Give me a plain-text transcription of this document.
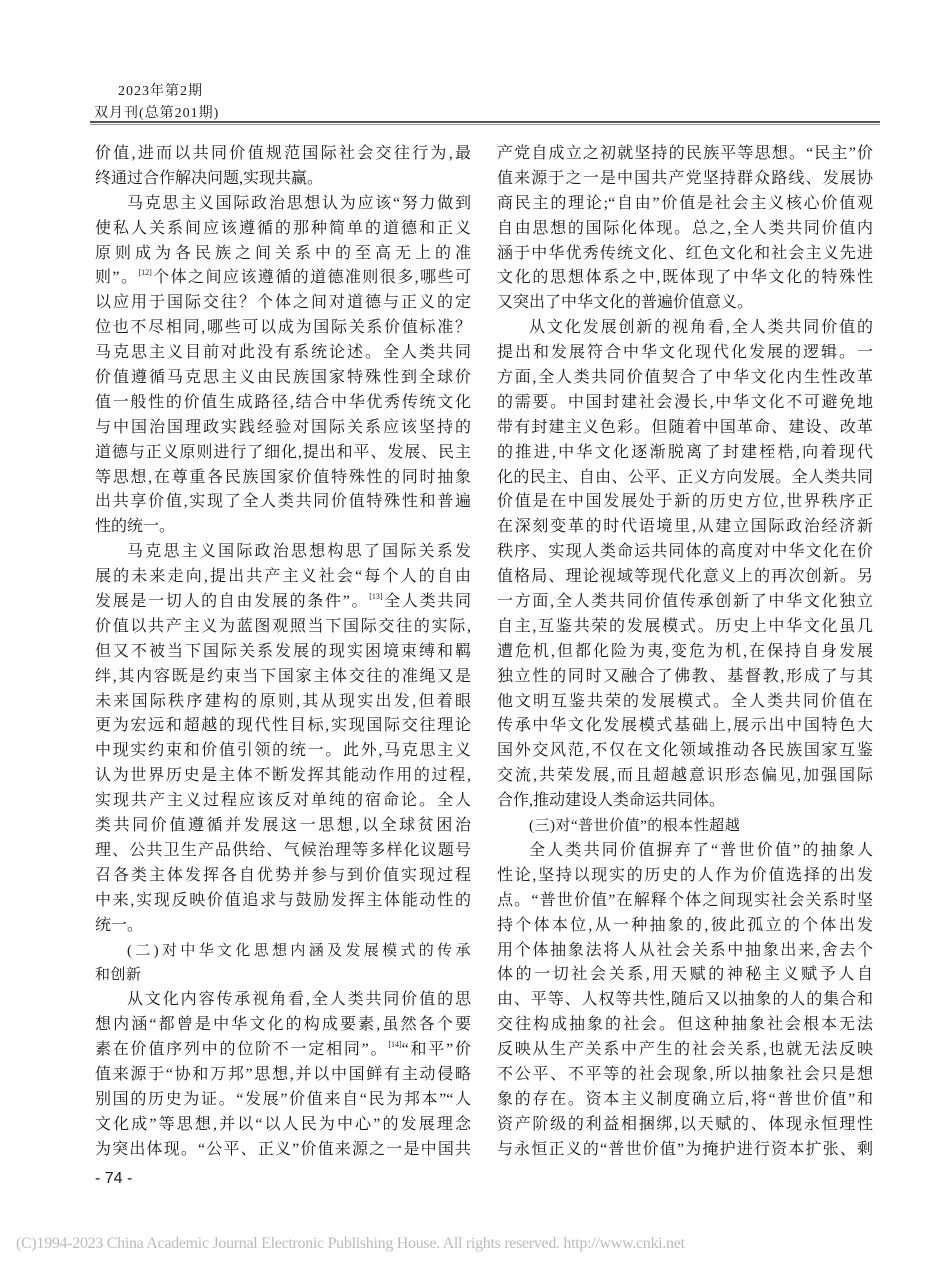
2023年第2期
双月刊(总第201期)
价值,进而以共同价值规范国际社会交往行为,最
终通过合作解决问题,实现共赢。
马克思主义国际政治思想认为应该“努力做到
使私人关系间应该遵循的那种简单的道德和正义
原则成为各民族之间关系中的至高无上的准
则”。[12]个体之间应该遵循的道德准则很多,哪些可
以应用于国际交往？个体之间对道德与正义的定
位也不尽相同,哪些可以成为国际关系价值标准？
马克思主义目前对此没有系统论述。全人类共同
价值遵循马克思主义由民族国家特殊性到全球价
值一般性的价值生成路径,结合中华优秀传统文化
与中国治国理政实践经验对国际关系应该坚持的
道德与正义原则进行了细化,提出和平、发展、民主
等思想,在尊重各民族国家价值特殊性的同时抽象
出共享价值,实现了全人类共同价值特殊性和普遍
性的统一。
马克思主义国际政治思想构思了国际关系发
展的未来走向,提出共产主义社会“每个人的自由
发展是一切人的自由发展的条件”。[13]全人类共同
价值以共产主义为蓝图观照当下国际交往的实际,
但又不被当下国际关系发展的现实困境束缚和羁
绊,其内容既是约束当下国家主体交往的准绳又是
未来国际秩序建构的原则,其从现实出发,但着眼
更为宏远和超越的现代性目标,实现国际交往理论
中现实约束和价值引领的统一。此外,马克思主义
认为世界历史是主体不断发挥其能动作用的过程,
实现共产主义过程应该反对单纯的宿命论。全人
类共同价值遵循并发展这一思想,以全球贫困治
理、公共卫生产品供给、气候治理等多样化议题号
召各类主体发挥各自优势并参与到价值实现过程
中来,实现反映价值追求与鼓励发挥主体能动性的
统一。
(二)对中华文化思想内涵及发展模式的传承
和创新
从文化内容传承视角看,全人类共同价值的思
想内涵“都曾是中华文化的构成要素,虽然各个要
素在价值序列中的位阶不一定相同”。[14]“和平”价
值来源于“协和万邦”思想,并以中国鲜有主动侵略
别国的历史为证。“发展”价值来自“民为邦本”“人
文化成”等思想,并以“以人民为中心”的发展理念
为突出体现。“公平、正义”价值来源之一是中国共
产党自成立之初就坚持的民族平等思想。“民主”价
值来源于之一是中国共产党坚持群众路线、发展协
商民主的理论;“自由”价值是社会主义核心价值观
自由思想的国际化体现。总之,全人类共同价值内
涵于中华优秀传统文化、红色文化和社会主义先进
文化的思想体系之中,既体现了中华文化的特殊性
又突出了中华文化的普遍价值意义。
从文化发展创新的视角看,全人类共同价值的
提出和发展符合中华文化现代化发展的逻辑。一
方面,全人类共同价值契合了中华文化内生性改革
的需要。中国封建社会漫长,中华文化不可避免地
带有封建主义色彩。但随着中国革命、建设、改革
的推进,中华文化逐渐脱离了封建桎梏,向着现代
化的民主、自由、公平、正义方向发展。全人类共同
价值是在中国发展处于新的历史方位,世界秩序正
在深刻变革的时代语境里,从建立国际政治经济新
秩序、实现人类命运共同体的高度对中华文化在价
值格局、理论视域等现代化意义上的再次创新。另
一方面,全人类共同价值传承创新了中华文化独立
自主,互鉴共荣的发展模式。历史上中华文化虽几
遭危机,但都化险为夷,变危为机,在保持自身发展
独立性的同时又融合了佛教、基督教,形成了与其
他文明互鉴共荣的发展模式。全人类共同价值在
传承中华文化发展模式基础上,展示出中国特色大
国外交风范,不仅在文化领域推动各民族国家互鉴
交流,共荣发展,而且超越意识形态偏见,加强国际
合作,推动建设人类命运共同体。
(三)对“普世价值”的根本性超越
全人类共同价值摒弃了“普世价值”的抽象人
性论,坚持以现实的历史的人作为价值选择的出发
点。“普世价值”在解释个体之间现实社会关系时坚
持个体本位,从一种抽象的,彼此孤立的个体出发
用个体抽象法将人从社会关系中抽象出来,舍去个
体的一切社会关系,用天赋的神秘主义赋予人自
由、平等、人权等共性,随后又以抽象的人的集合和
交往构成抽象的社会。但这种抽象社会根本无法
反映从生产关系中产生的社会关系,也就无法反映
不公平、不平等的社会现象,所以抽象社会只是想
象的存在。资本主义制度确立后,将“普世价值”和
资产阶级的利益相捆绑,以天赋的、体现永恒理性
与永恒正义的“普世价值”为掩护进行资本扩张、剩
- 74 -
(C)1994-2023 China Academic Journal Electronic Publishing House. All rights reserved. http://www.cnki.net
